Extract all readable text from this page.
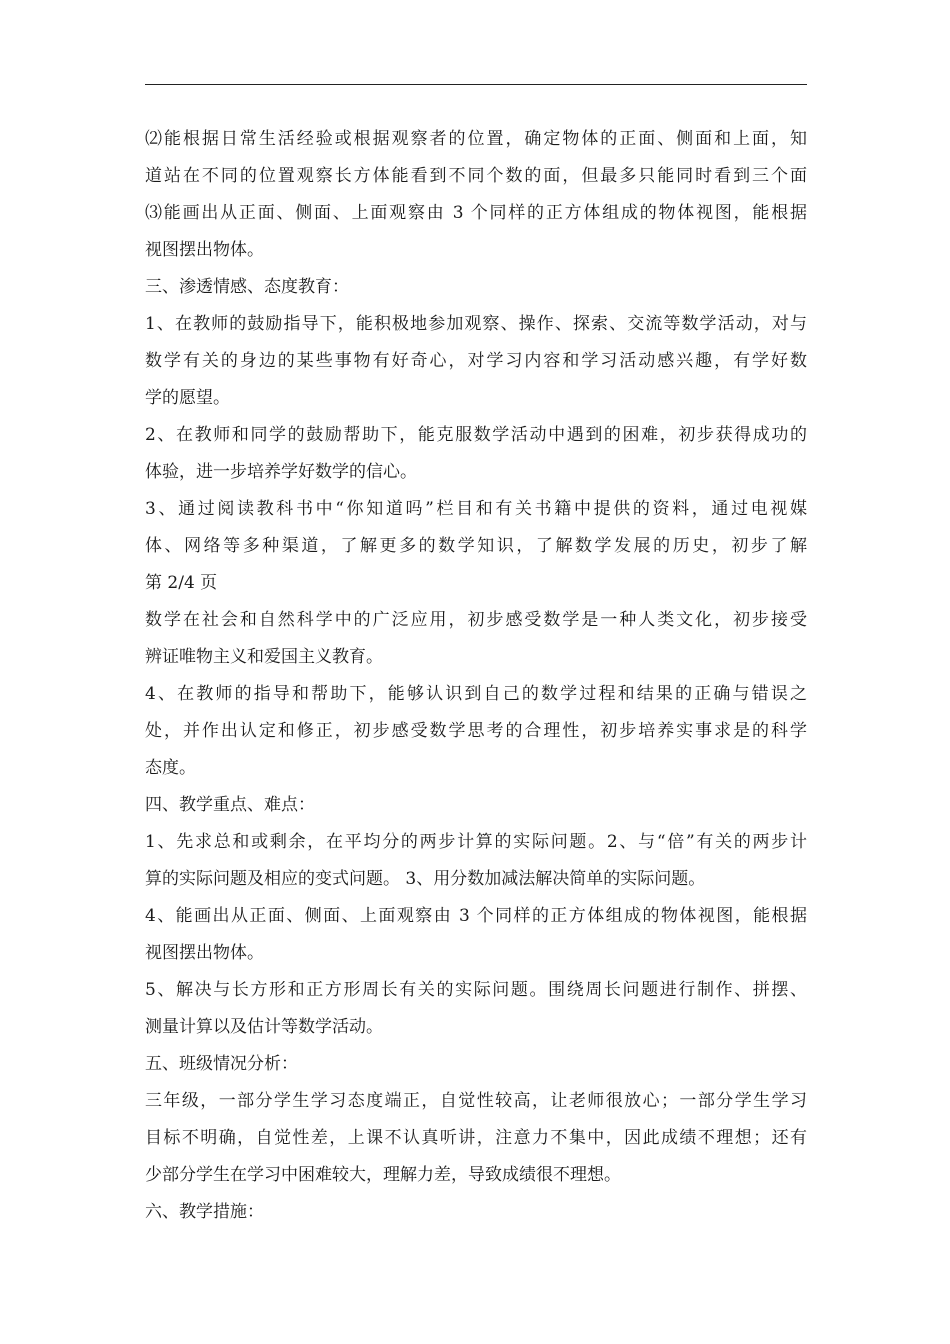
⑵能根据日常生活经验或根据观察者的位置，确定物体的正面、侧面和上面，知
道站在不同的位置观察长方体能看到不同个数的面，但最多只能同时看到三个面
⑶能画出从正面、侧面、上面观察由 3 个同样的正方体组成的物体视图，能根据
视图摆出物体。
三、渗透情感、态度教育：
1、在教师的鼓励指导下，能积极地参加观察、操作、探索、交流等数学活动，对与
数学有关的身边的某些事物有好奇心，对学习内容和学习活动感兴趣，有学好数
学的愿望。
2、在教师和同学的鼓励帮助下，能克服数学活动中遇到的困难，初步获得成功的
体验，进一步培养学好数学的信心。
3、通过阅读教科书中“你知道吗”栏目和有关书籍中提供的资料，通过电视媒
体、网络等多种渠道，了解更多的数学知识，了解数学发展的历史，初步了解
第 2/4 页
数学在社会和自然科学中的广泛应用，初步感受数学是一种人类文化，初步接受
辨证唯物主义和爱国主义教育。
4、在教师的指导和帮助下，能够认识到自己的数学过程和结果的正确与错误之
处，并作出认定和修正，初步感受数学思考的合理性，初步培养实事求是的科学
态度。
四、教学重点、难点：
1、先求总和或剩余，在平均分的两步计算的实际问题。2、与“倍”有关的两步计
算的实际问题及相应的变式问题。 3、用分数加减法解决简单的实际问题。
4、能画出从正面、侧面、上面观察由 3 个同样的正方体组成的物体视图，能根据
视图摆出物体。
5、解决与长方形和正方形周长有关的实际问题。围绕周长问题进行制作、拼摆、
测量计算以及估计等数学活动。
五、班级情况分析：
三年级，一部分学生学习态度端正，自觉性较高，让老师很放心；一部分学生学习
目标不明确，自觉性差，上课不认真听讲，注意力不集中，因此成绩不理想；还有
少部分学生在学习中困难较大，理解力差，导致成绩很不理想。
六、教学措施：
